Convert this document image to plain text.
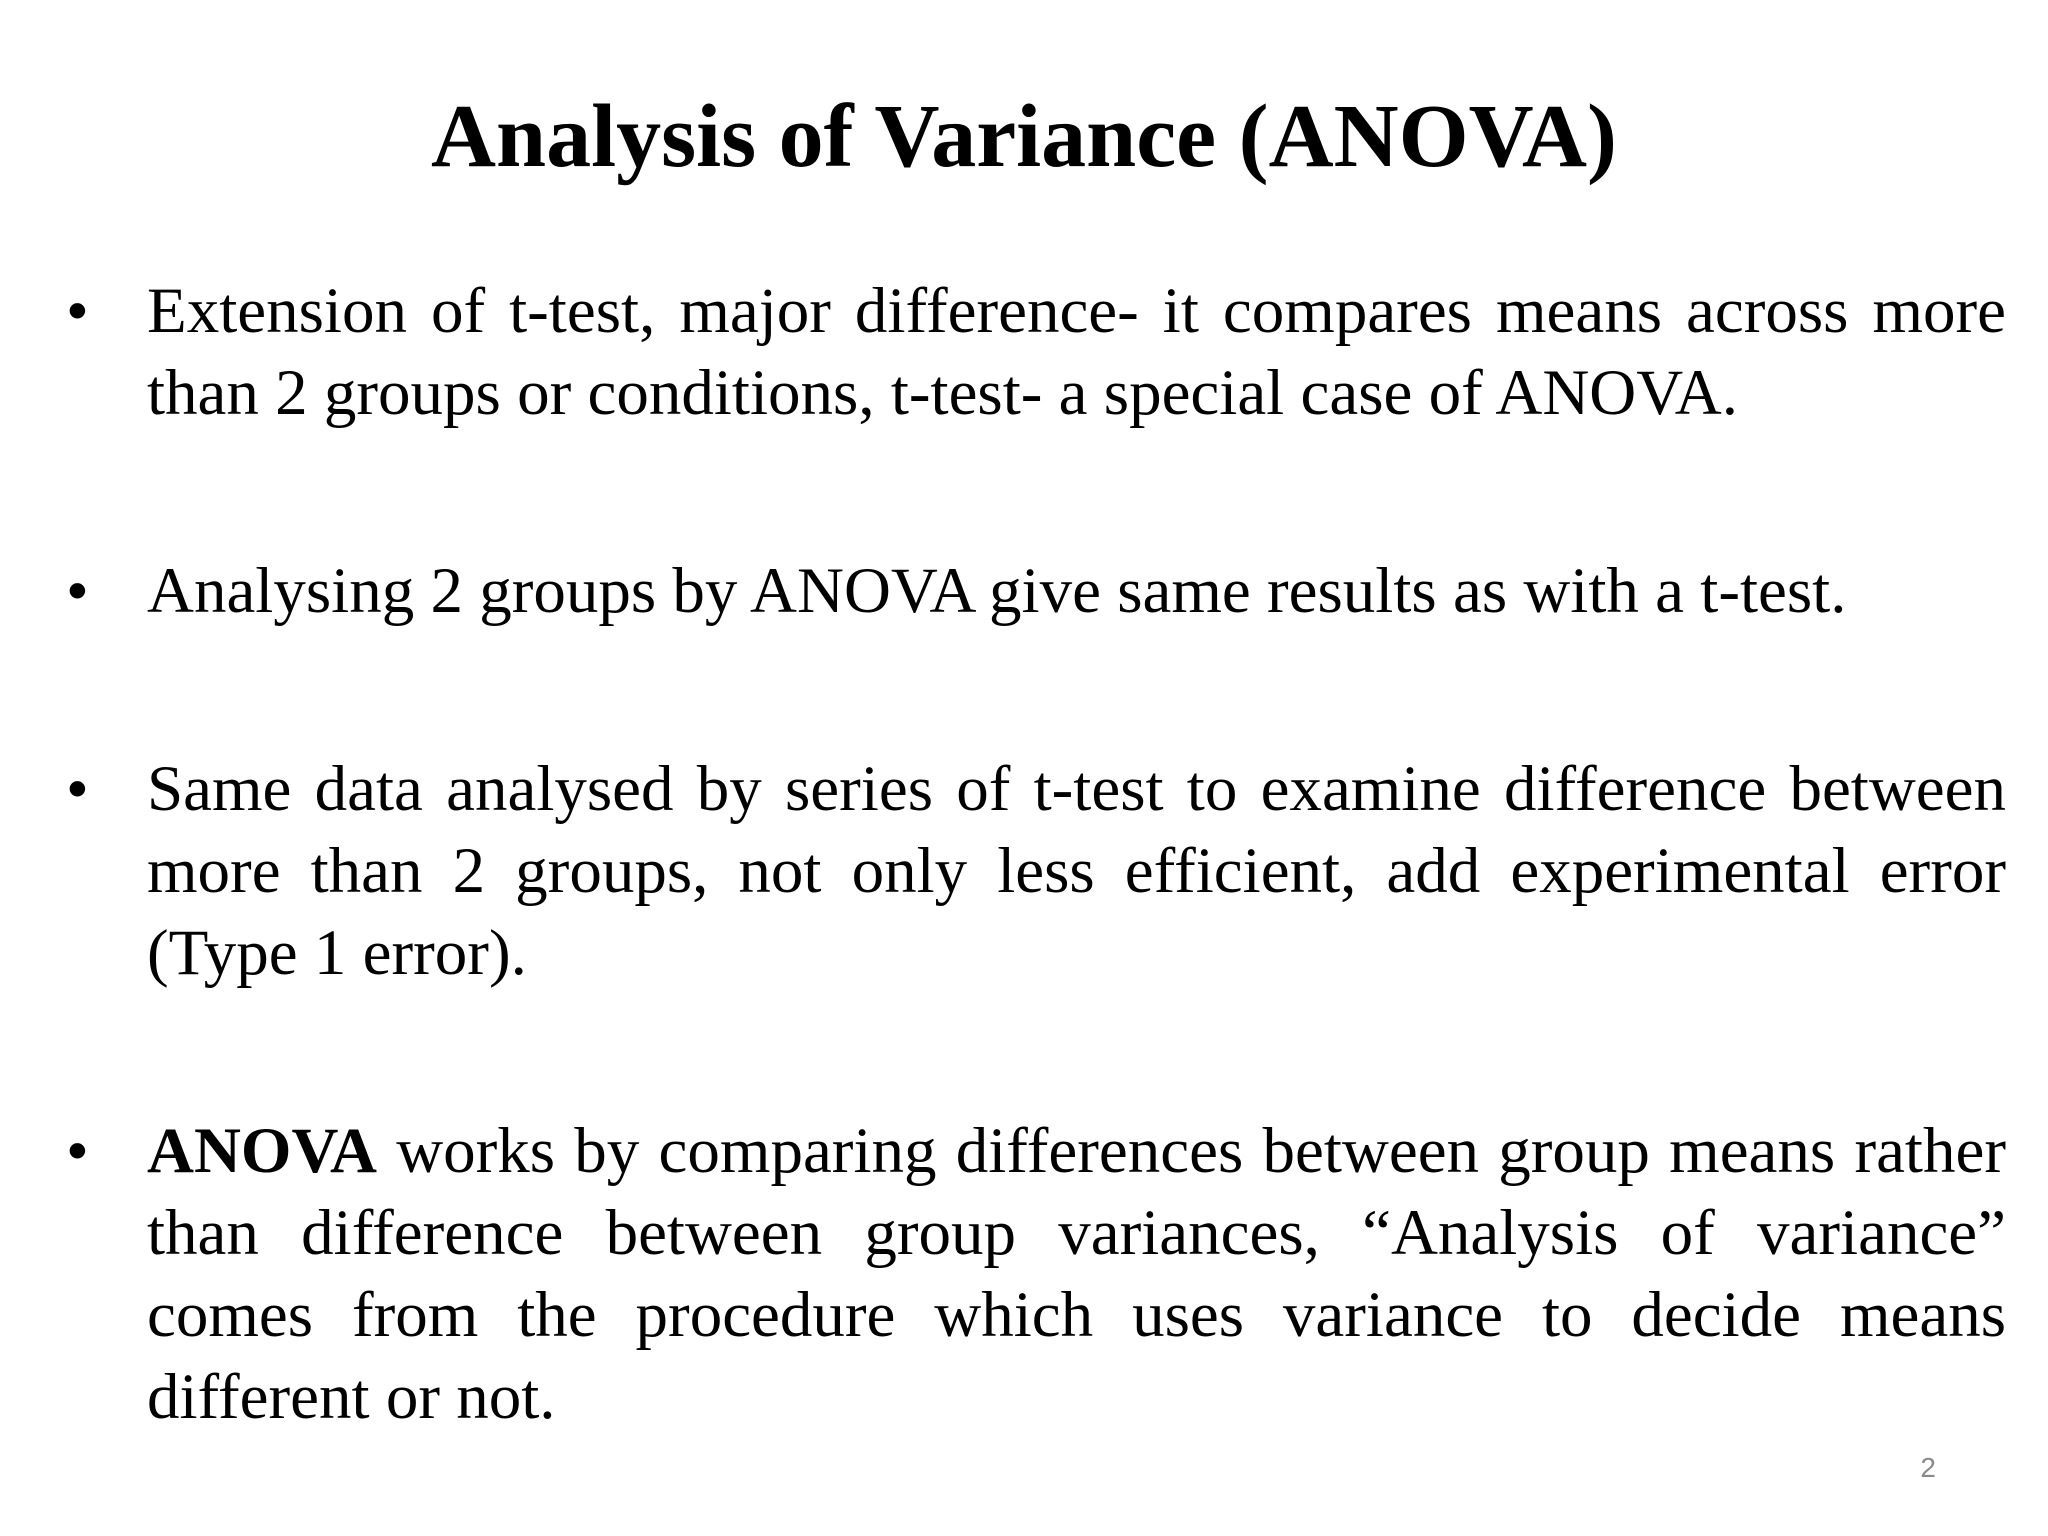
Analysis of Variance (ANOVA)
• Extension of t-test, major difference- it compares means across more than 2 groups or conditions, t-test- a special case of ANOVA.
• Analysing 2 groups by ANOVA give same results as with a t-test.
• Same data analysed by series of t-test to examine difference between more than 2 groups, not only less efficient, add experimental error (Type 1 error).
• ANOVA works by comparing differences between group means rather than difference between group variances, “Analysis of variance” comes from the procedure which uses variance to decide means different or not.
2
